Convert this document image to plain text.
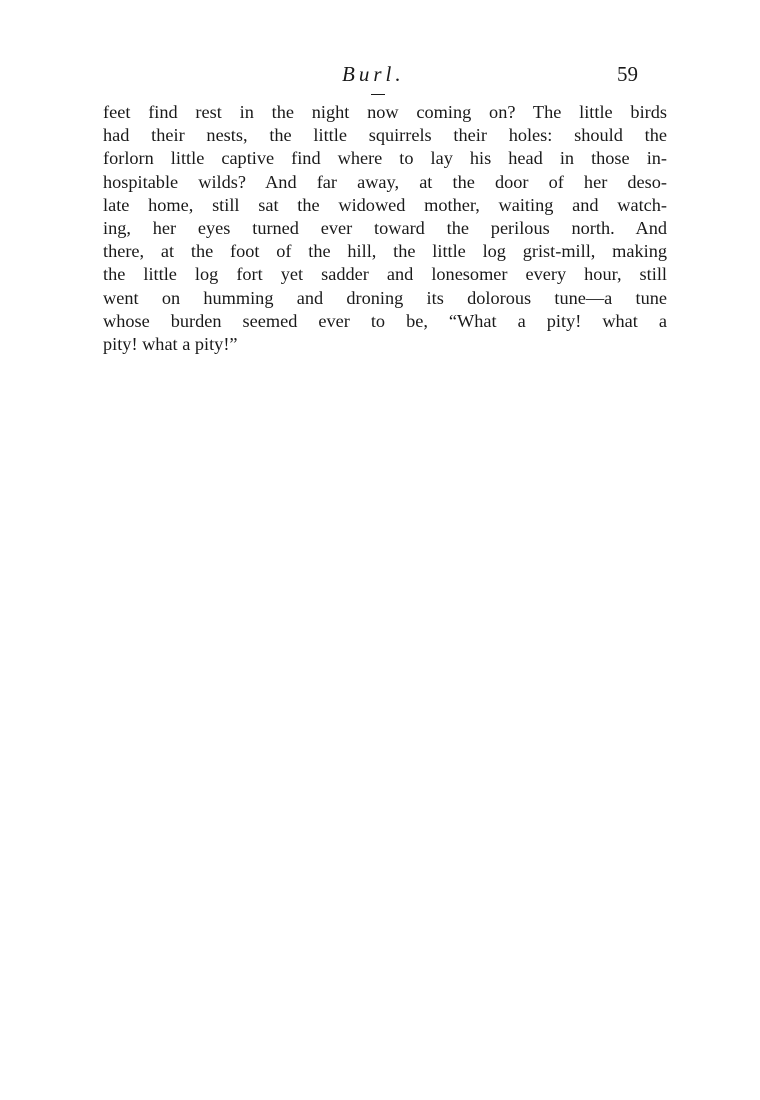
Burl.	59
feet find rest in the night now coming on? The little birds
had their nests, the little squirrels their holes: should the
forlorn little captive find where to lay his head in those in-
hospitable wilds? And far away, at the door of her deso-
late home, still sat the widowed mother, waiting and watch-
ing, her eyes turned ever toward the perilous north. And
there, at the foot of the hill, the little log grist-mill, making
the little log fort yet sadder and lonesomer every hour, still
went on humming and droning its dolorous tune—a tune
whose burden seemed ever to be, “What a pity! what a
pity! what a pity!”
